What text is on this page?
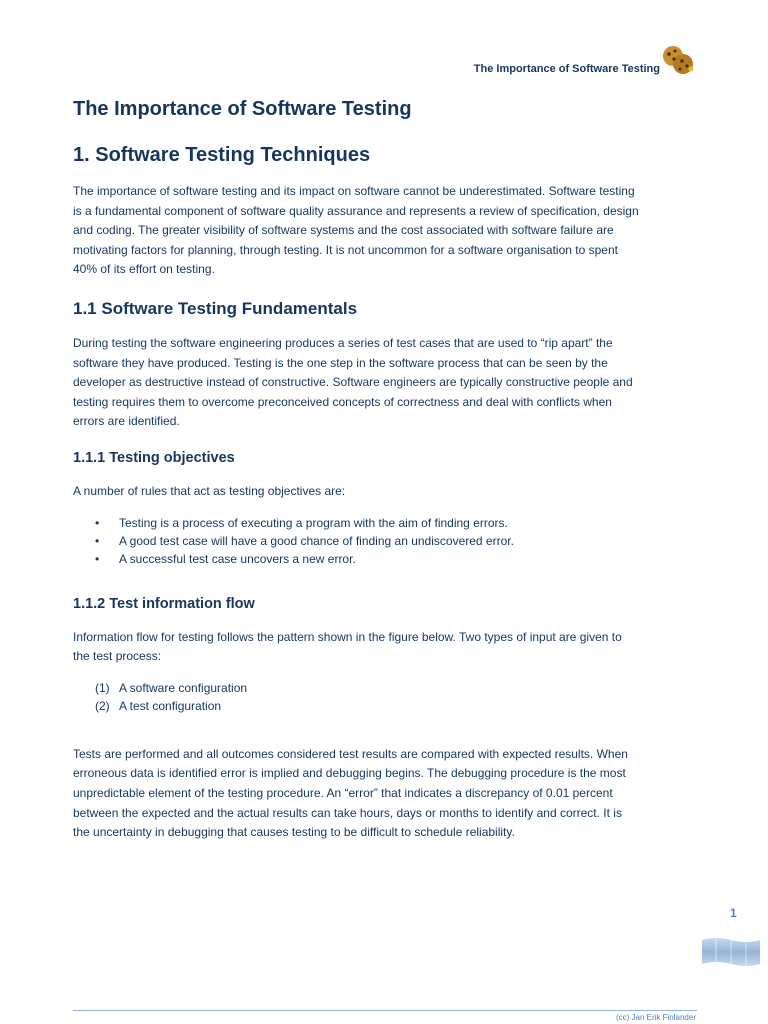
The Importance of Software Testing
The Importance of Software Testing
1. Software Testing Techniques

The importance of software testing and its impact on software cannot be underestimated. Software testing
is a fundamental component of software quality assurance and represents a review of specification, design
and coding. The greater visibility of software systems and the cost associated with software failure are
motivating factors for planning, through testing. It is not uncommon for a software organisation to spent
40% of its effort on testing.

1.1 Software Testing Fundamentals

During testing the software engineering produces a series of test cases that are used to “rip apart” the
software they have produced. Testing is the one step in the software process that can be seen by the
developer as destructive instead of constructive. Software engineers are typically constructive people and
testing requires them to overcome preconceived concepts of correctness and deal with conflicts when
errors are identified.

1.1.1 Testing objectives

A number of rules that act as testing objectives are:

• Testing is a process of executing a program with the aim of finding errors.
• A good test case will have a good chance of finding an undiscovered error.
• A successful test case uncovers a new error.
1.1.2 Test information flow

Information flow for testing follows the pattern shown in the figure below. Two types of input are given to
the test process:

(1) A software configuration
(2) A test configuration

Tests are performed and all outcomes considered test results are compared with expected results. When
erroneous data is identified error is implied and debugging begins. The debugging procedure is the most
unpredictable element of the testing procedure. An “error” that indicates a discrepancy of 0.01 percent
between the expected and the actual results can take hours, days or months to identify and correct. It is
the uncertainty in debugging that causes testing to be difficult to schedule reliability.

1
(cc) Jan Erik Finlander
